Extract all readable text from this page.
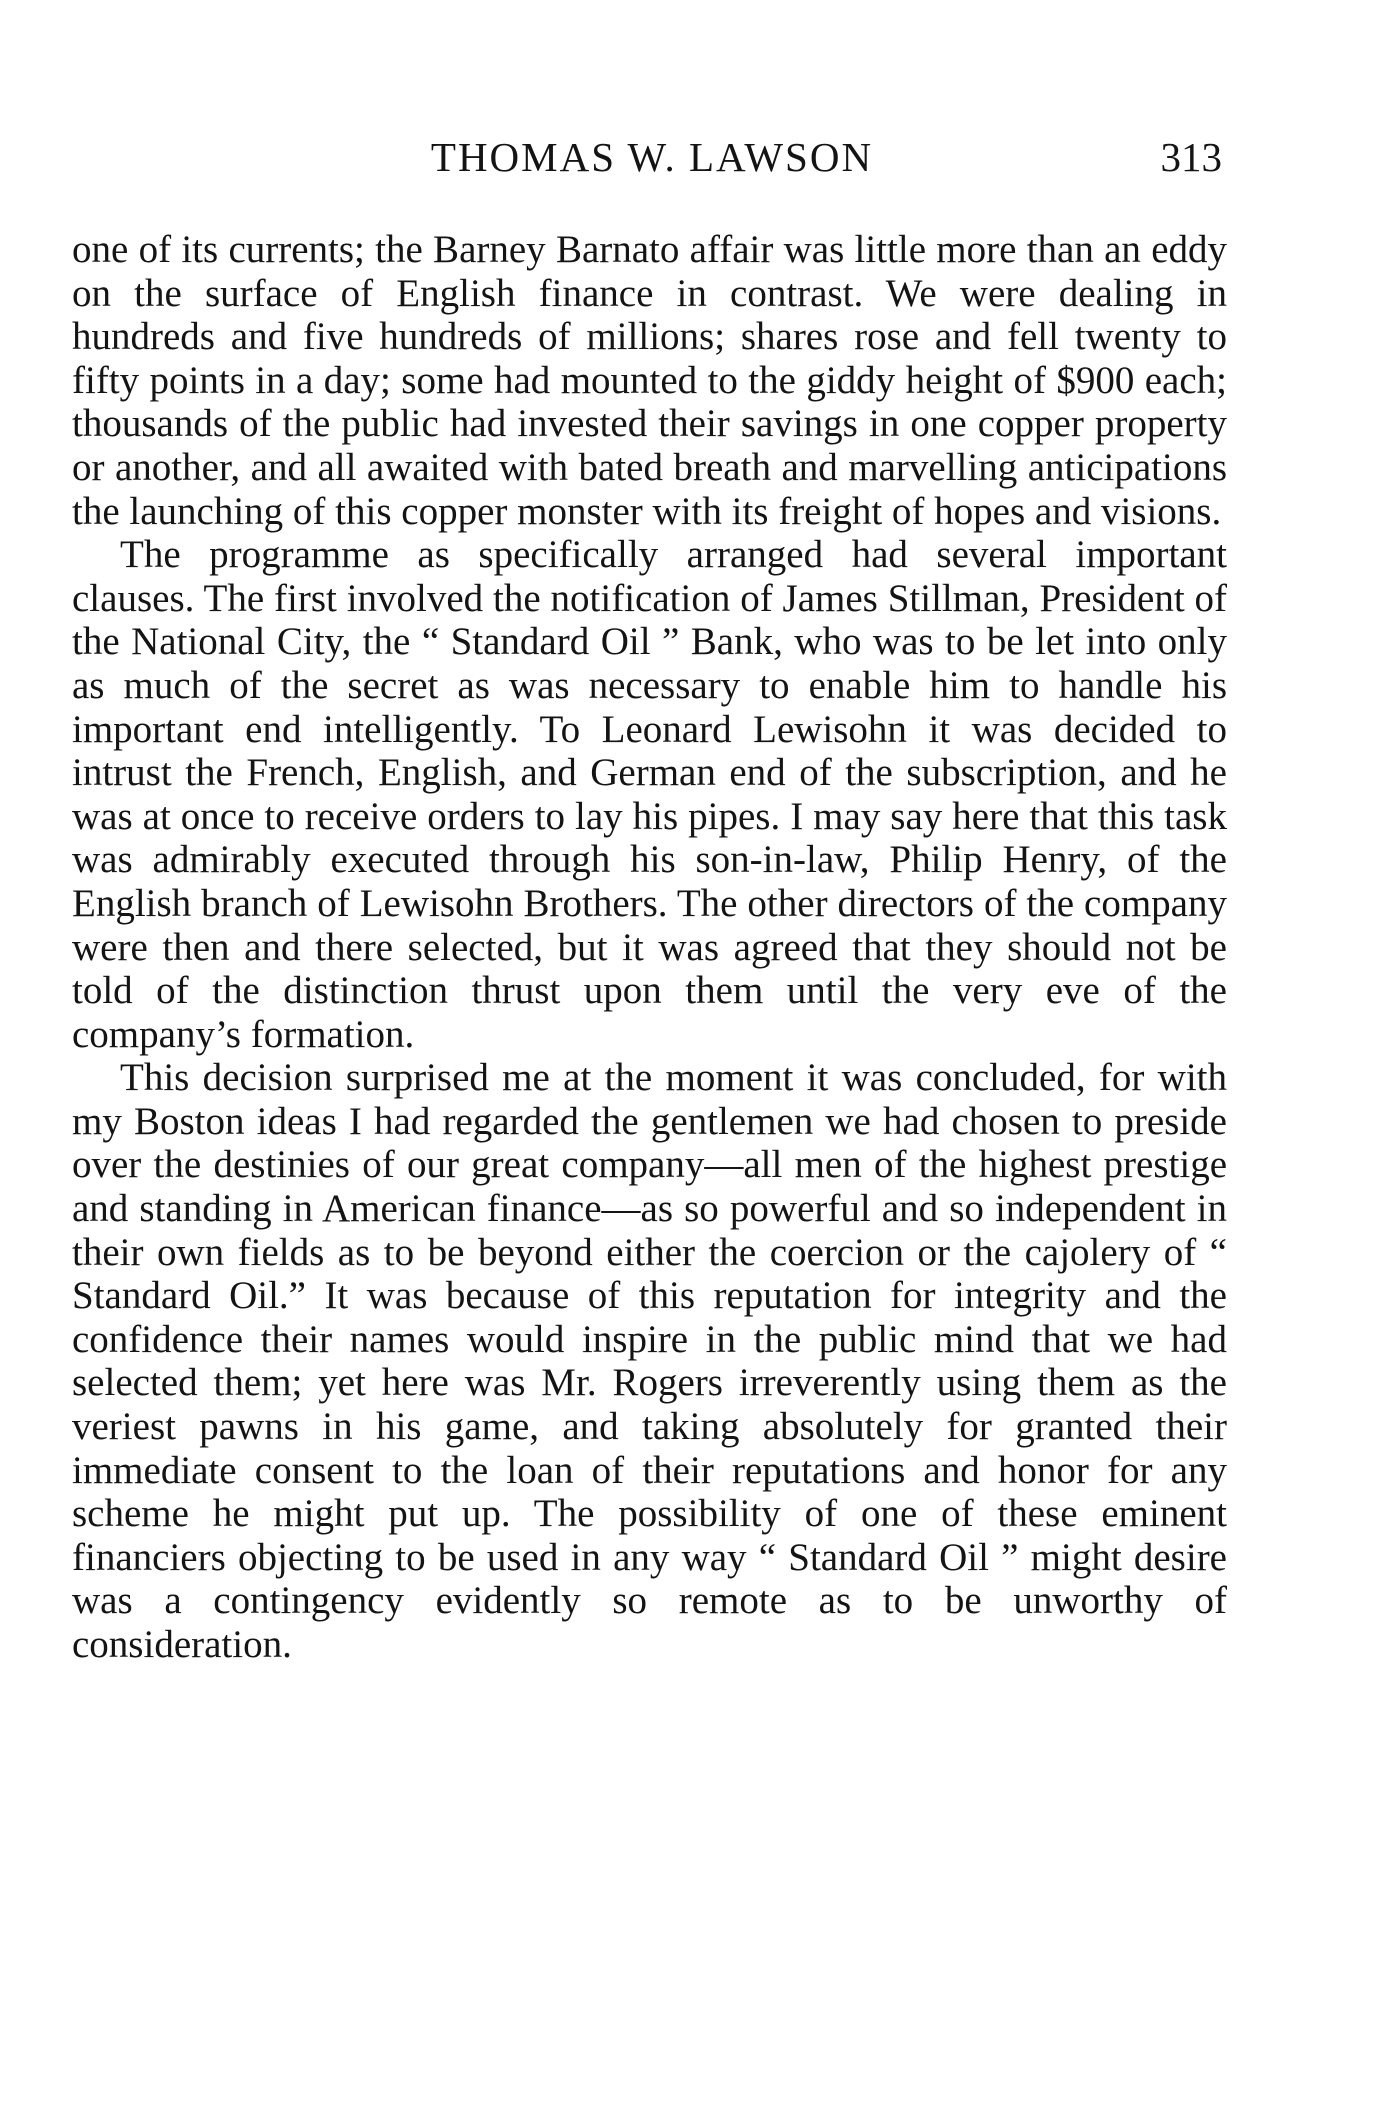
THOMAS W. LAWSON	313

one of its currents; the Barney Barnato affair was little more than an eddy on the surface of English finance in contrast. We were dealing in hundreds and five hundreds of millions; shares rose and fell twenty to fifty points in a day; some had mounted to the giddy height of $900 each; thousands of the public had invested their savings in one copper property or another, and all awaited with bated breath and marvelling anticipations the launching of this copper monster with its freight of hopes and visions.

The programme as specifically arranged had several important clauses. The first involved the notification of James Stillman, President of the National City, the “ Standard Oil ” Bank, who was to be let into only as much of the secret as was necessary to enable him to handle his important end intelligently. To Leonard Lewisohn it was decided to intrust the French, English, and German end of the subscription, and he was at once to receive orders to lay his pipes. I may say here that this task was admirably executed through his son-in-law, Philip Henry, of the English branch of Lewisohn Brothers. The other directors of the company were then and there selected, but it was agreed that they should not be told of the distinction thrust upon them until the very eve of the company’s formation.

This decision surprised me at the moment it was concluded, for with my Boston ideas I had regarded the gentlemen we had chosen to preside over the destinies of our great company—all men of the highest prestige and standing in American finance—as so powerful and so independent in their own fields as to be beyond either the coercion or the cajolery of “ Standard Oil.” It was because of this reputation for integrity and the confidence their names would inspire in the public mind that we had selected them; yet here was Mr. Rogers irreverently using them as the veriest pawns in his game, and taking absolutely for granted their immediate consent to the loan of their reputations and honor for any scheme he might put up. The possibility of one of these eminent financiers objecting to be used in any way “ Standard Oil ” might desire was a contingency evidently so remote as to be unworthy of consideration.
